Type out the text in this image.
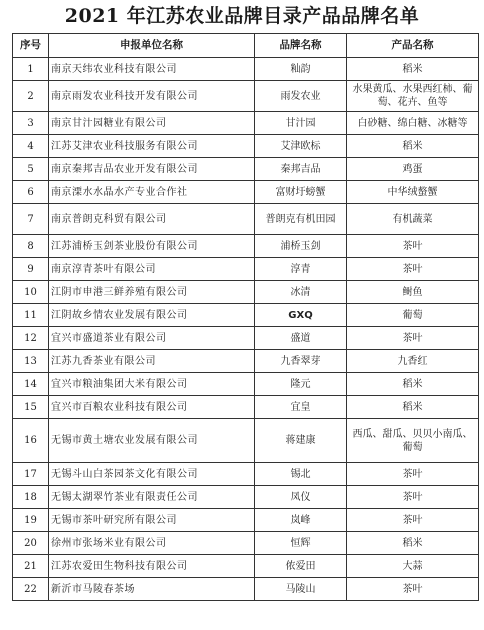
2021 年江苏农业品牌目录产品品牌名单
序号	申报单位名称	品牌名称	产品名称
1	南京天纬农业科技有限公司	籼韵	稻米
2	南京雨发农业科技开发有限公司	雨发农业	水果黄瓜、水果西红柿、葡萄、花卉、鱼等
3	南京甘汁园糖业有限公司	甘汁园	白砂糖、绵白糖、冰糖等
4	江苏艾津农业科技服务有限公司	艾津欧标	稻米
5	南京秦邦吉品农业开发有限公司	秦邦吉品	鸡蛋
6	南京溧水水晶水产专业合作社	富财圩螃蟹	中华绒螯蟹
7	南京普朗克科贸有限公司	普朗克有机田园	有机蔬菜
8	江苏浦桥玉剑茶业股份有限公司	浦桥玉剑	茶叶
9	南京淳青茶叶有限公司	淳青	茶叶
10	江阴市申港三鲜养殖有限公司	冰清	鲥鱼
11	江阴故乡情农业发展有限公司	GXQ	葡萄
12	宜兴市盛道茶业有限公司	盛道	茶叶
13	江苏九香茶业有限公司	九香翠芽	九香红
14	宜兴市粮油集团大米有限公司	隆元	稻米
15	宜兴市百粮农业科技有限公司	宜皇	稻米
16	无锡市黄土塘农业发展有限公司	蒋建康	西瓜、甜瓜、贝贝小南瓜、葡萄
17	无锡斗山白茶园茶文化有限公司	锡北	茶叶
18	无锡太湖翠竹茶业有限责任公司	凤仪	茶叶
19	无锡市茶叶研究所有限公司	岚峰	茶叶
20	徐州市张场米业有限公司	恒辉	稻米
21	江苏农爱田生物科技有限公司	侬爱田	大蒜
22	新沂市马陵春茶场	马陵山	茶叶
